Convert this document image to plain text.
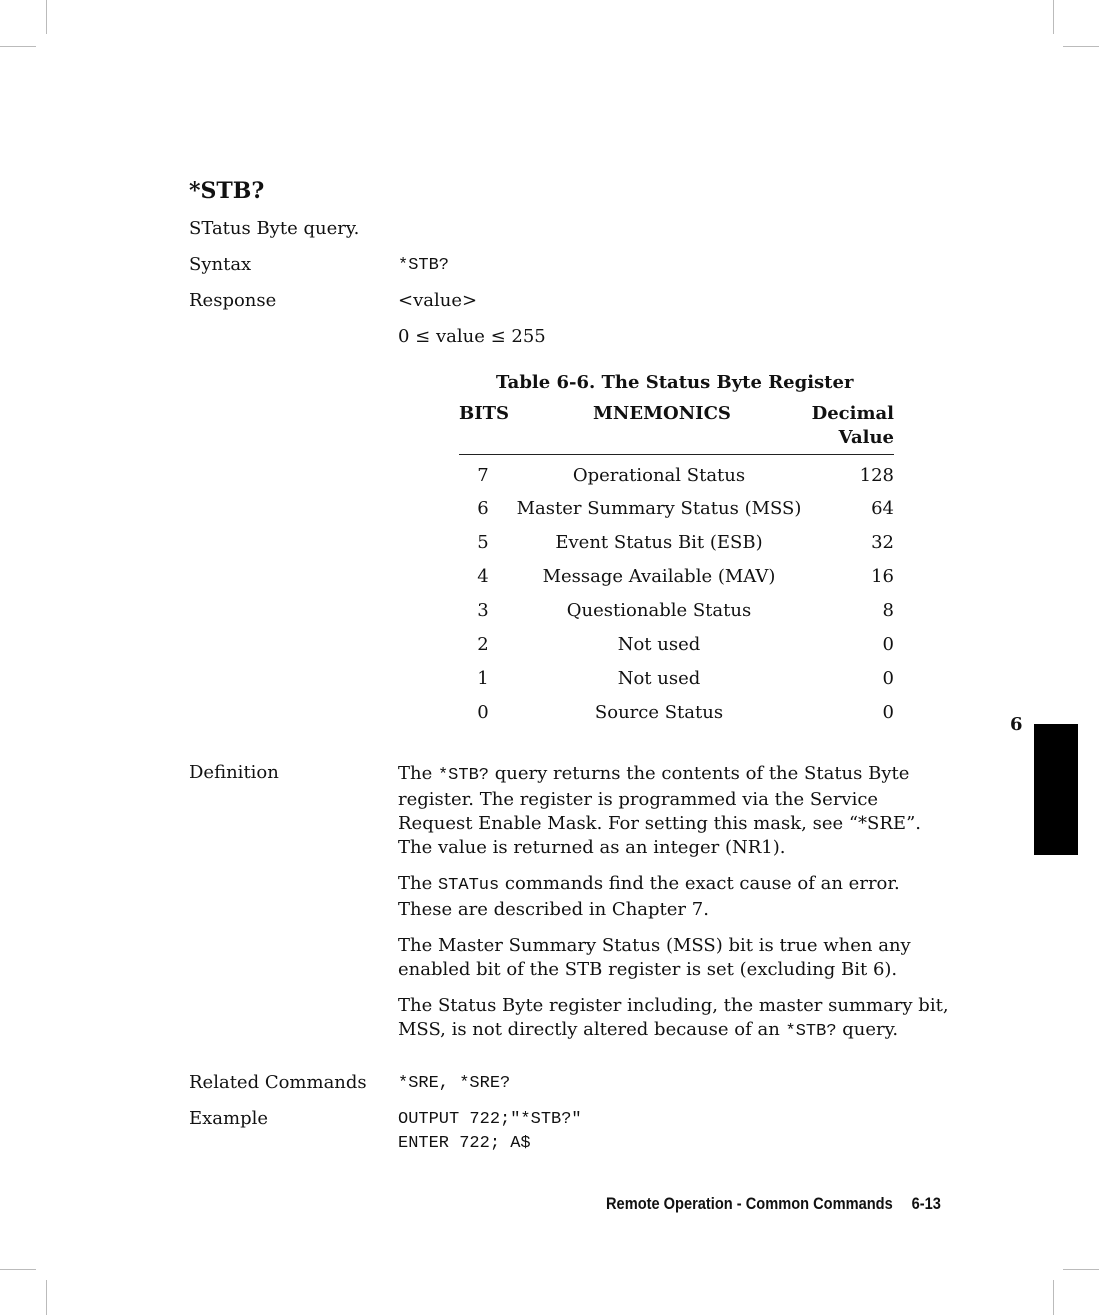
*STB?
STatus Byte query.
Syntax	*STB?
Response	<value>
0 ≤ value ≤ 255
Table 6-6. The Status Byte Register
BITS	MNEMONICS	Decimal
Value
7	Operational Status	128
6	Master Summary Status (MSS)	64
5	Event Status Bit (ESB)	32
4	Message Available (MAV)	16
3	Questionable Status	8
2	Not used	0
1	Not used	0
0	Source Status	0
6
Definition	The *STB? query returns the contents of the Status Byte register. The register is programmed via the Service Request Enable Mask. For setting this mask, see “*SRE”. The value is returned as an integer (NR1).

The STATus commands find the exact cause of an error. These are described in Chapter 7.

The Master Summary Status (MSS) bit is true when any enabled bit of the STB register is set (excluding Bit 6).

The Status Byte register including, the master summary bit, MSS, is not directly altered because of an *STB? query.

Related Commands *SRE, *SRE?
Example	OUTPUT 722;"*STB?"
ENTER 722; A$
Remote Operation - Common Commands 6-13
